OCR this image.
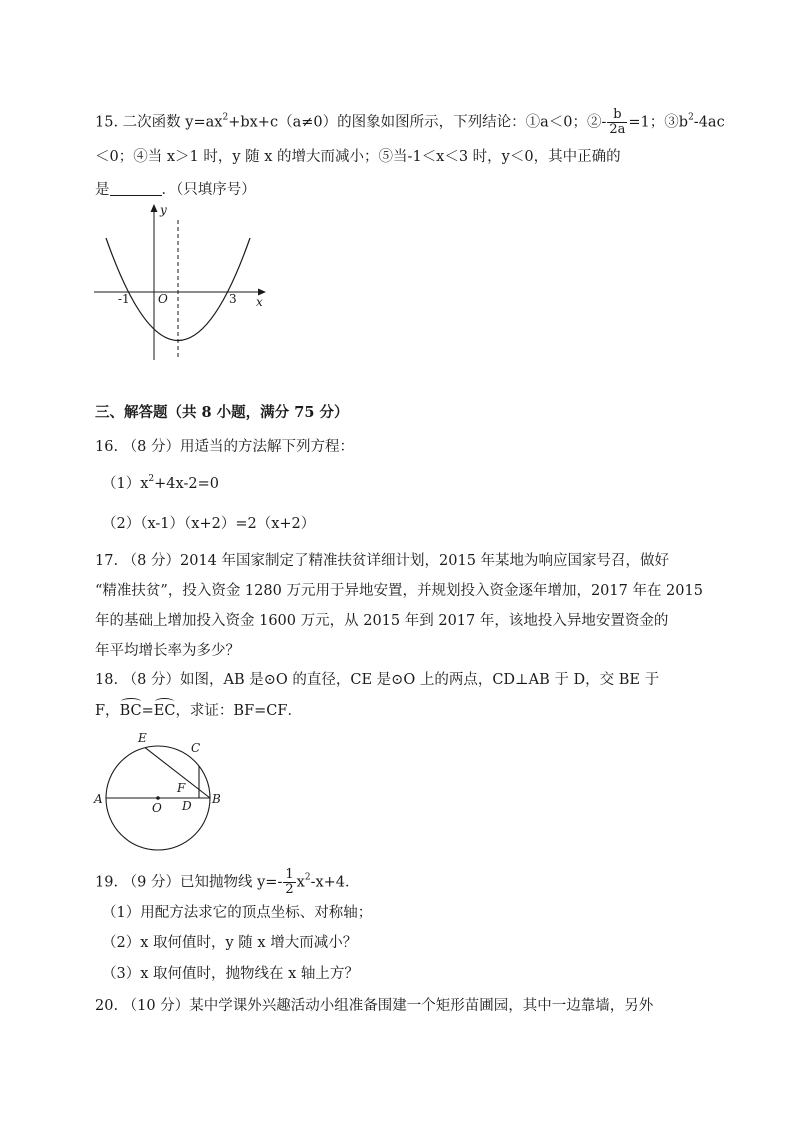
15. 二次函数 $y=ax^2+bx+c(a\ne 0)$的图象如图所示，下列结论：①a＜0；②- $\frac{b}{2a} =1$；$③b^2-4ac$
＜0；④当 x＞1 时，y 随 x 的增大而减小；⑤当-1＜x＜3 时，y＜0，其中正确的
是	．（只填序号）
y
x
O
-1	3
三、解答题（共 8 小题，满分 75 分）
16. （8 分）用适当的方法解下列方程：
$(1)x^2+4x-2=0$
（2）（x-1）（x+2）=2（x+2）
17. （8 分）2014 年国家制定了精准扶贫详细计划，2015 年某地为响应国家号召，做好
“精准扶贫”，投入资金 1280 万元用于异地安置，并规划投入资金逐年增加，2017 年在 2015
年的基础上增加投入资金 1600 万元，从 2015 年到 2017 年，该地投入异地安置资金的
年平均增长率为多少？
18. （8 分）如图，AB 是⊙O 的直径，CE 是⊙O 上的两点，CD⊥AB 于 D，交 BE 于
F，BC=EC，求证：BF=CF．
A	B
C
E
F
D
O
19. （9 分）已知抛物线 $y=- \frac{1}{2} x^2-x+4$．
（1）用配方法求它的顶点坐标、对称轴；
（2）x 取何值时，y 随 x 增大而减小？
（3）x 取何值时，抛物线在 x 轴上方？
20. （10 分）某中学课外兴趣活动小组准备围建一个矩形苗圃园，其中一边靠墙，另外
